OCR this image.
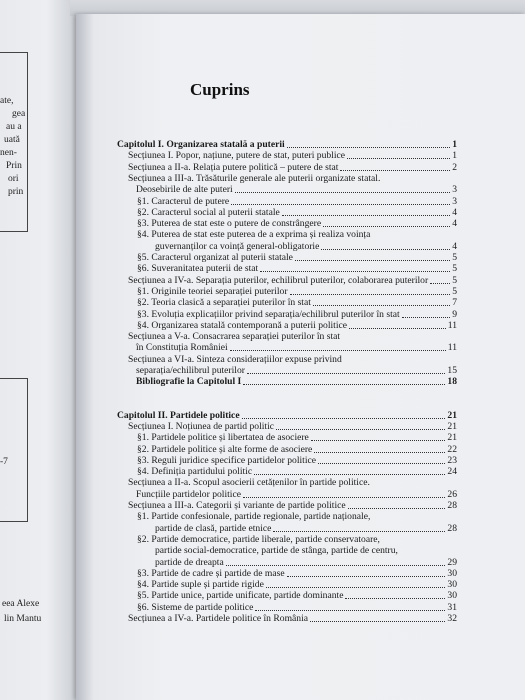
ate,
gea
au a
uată
nen-
Prin
ori
prin
-7
eea Alexe
lin Mantu
Cuprins
Capitolul I. Organizarea statală a puterii	1
Secțiunea I. Popor, națiune, putere de stat, puteri publice	1
Secțiunea a II-a. Relația putere politică – putere de stat	2
Secțiunea a III-a. Trăsăturile generale ale puterii organizate statal.
Deosebirile de alte puteri	3
§1. Caracterul de putere	3
§2. Caracterul social al puterii statale	4
§3. Puterea de stat este o putere de constrângere	4
§4. Puterea de stat este puterea de a exprima și realiza voința
guvernanților ca voință general-obligatorie	4
§5. Caracterul organizat al puterii statale	5
§6. Suveranitatea puterii de stat	5
Secțiunea a IV-a. Separația puterilor, echilibrul puterilor, colaborarea puterilor	5
§1. Originile teoriei separației puterilor	5
§2. Teoria clasică a separației puterilor în stat	7
§3. Evoluția explicațiilor privind separația/echilibrul puterilor în stat	9
§4. Organizarea statală contemporană a puterii politice	11
Secțiunea a V-a. Consacrarea separației puterilor în stat
în Constituția României	11
Secțiunea a VI-a. Sinteza considerațiilor expuse privind
separația/echilibrul puterilor	15
Bibliografie la Capitolul I	18
Capitolul II. Partidele politice	21
Secțiunea I. Noțiunea de partid politic	21
§1. Partidele politice și libertatea de asociere	21
§2. Partidele politice și alte forme de asociere	22
§3. Reguli juridice specifice partidelor politice	23
§4. Definiția partidului politic	24
Secțiunea a II-a. Scopul asocierii cetățenilor în partide politice.
Funcțiile partidelor politice	26
Secțiunea a III-a. Categorii și variante de partide politice	28
§1. Partide confesionale, partide regionale, partide naționale,
partide de clasă, partide etnice	28
§2. Partide democratice, partide liberale, partide conservatoare,
partide social-democratice, partide de stânga, partide de centru,
partide de dreapta	29
§3. Partide de cadre și partide de mase	30
§4. Partide suple și partide rigide	30
§5. Partide unice, partide unificate, partide dominante	30
§6. Sisteme de partide politice	31
Secțiunea a IV-a. Partidele politice în România	32
